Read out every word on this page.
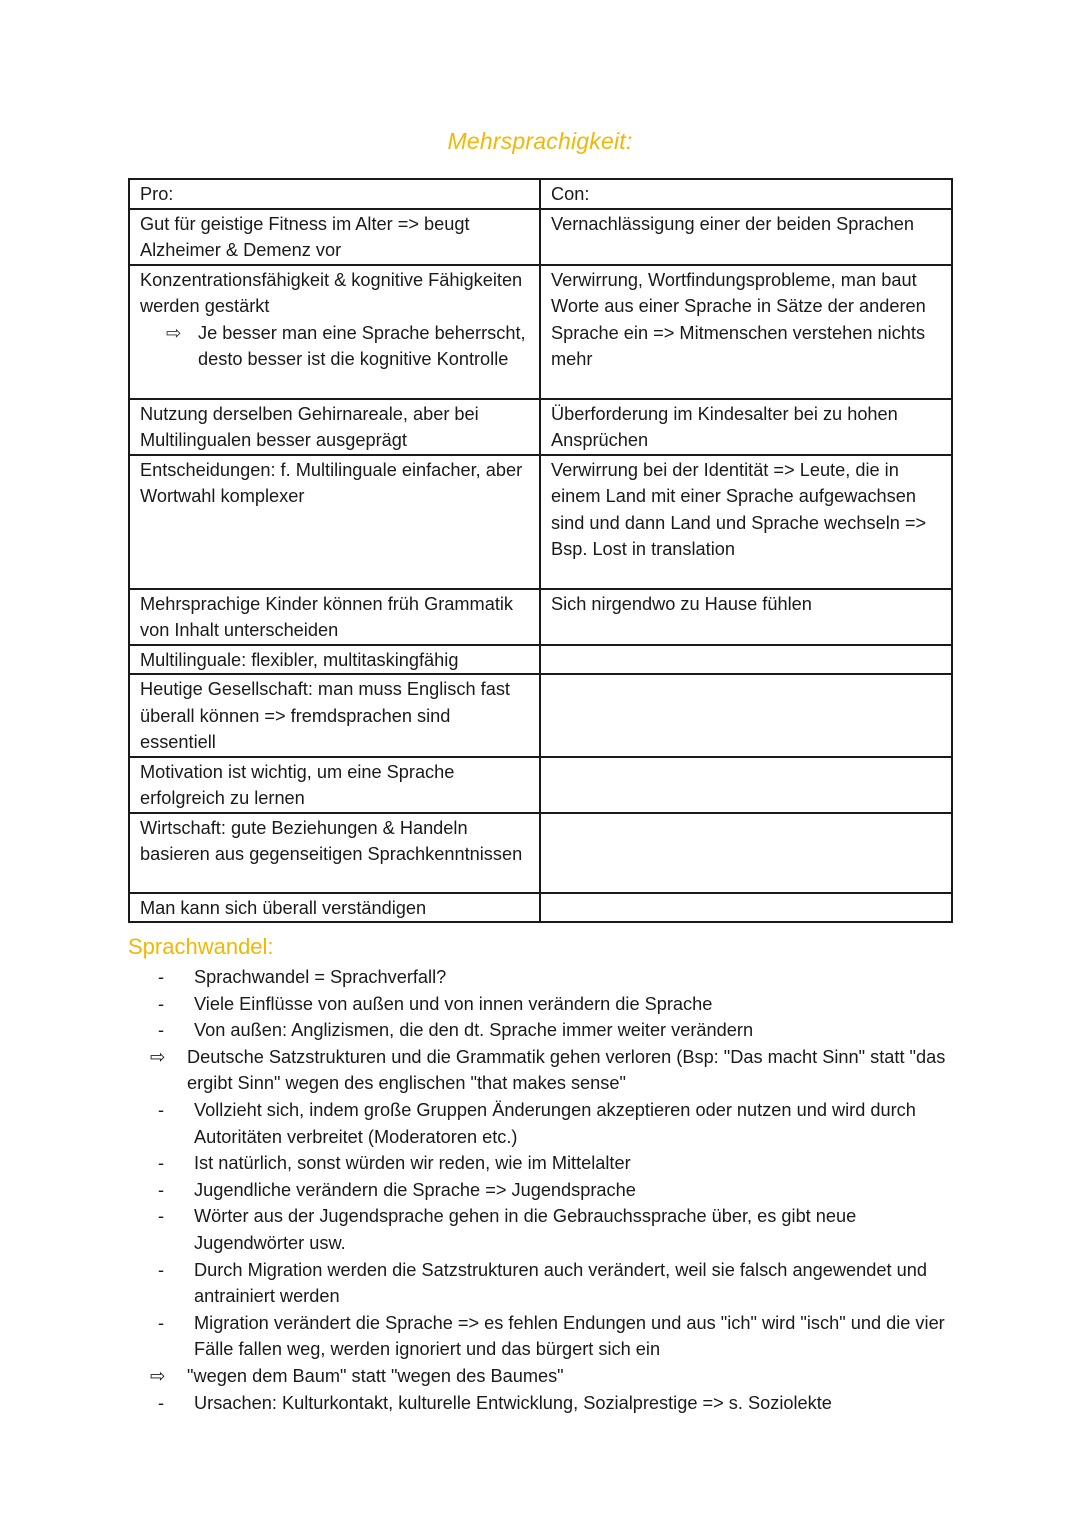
Mehrsprachigkeit:
Pro:	Con:
Gut für geistige Fitness im Alter => beugt Alzheimer & Demenz vor	Vernachlässigung einer der beiden Sprachen

Konzentrationsfähigkeit & kognitive Fähigkeiten werden gestärkt
⇨ Je besser man eine Sprache beherrscht, desto besser ist die kognitive Kontrolle	Verwirrung, Wortfindungsprobleme, man baut Worte aus einer Sprache in Sätze der anderen Sprache ein => Mitmenschen verstehen nichts mehr
Nutzung derselben Gehirnareale, aber bei Multilingualen besser ausgeprägt	Überforderung im Kindesalter bei zu hohen Ansprüchen
Entscheidungen: f. Multilinguale einfacher, aber Wortwahl komplexer	Verwirrung bei der Identität => Leute, die in einem Land mit einer Sprache aufgewachsen sind und dann Land und Sprache wechseln => Bsp. Lost in translation
Mehrsprachige Kinder können früh Grammatik von Inhalt unterscheiden	Sich nirgendwo zu Hause fühlen
Multilinguale: flexibler, multitaskingfähig	
Heutige Gesellschaft: man muss Englisch fast überall können => fremdsprachen sind essentiell	
Motivation ist wichtig, um eine Sprache erfolgreich zu lernen	
Wirtschaft: gute Beziehungen & Handeln basieren aus gegenseitigen Sprachkenntnissen	
Man kann sich überall verständigen	
Sprachwandel:
-	Sprachwandel = Sprachverfall?
-	Viele Einflüsse von außen und von innen verändern die Sprache
-	Von außen: Anglizismen, die den dt. Sprache immer weiter verändern
⇨	Deutsche Satzstrukturen und die Grammatik gehen verloren (Bsp: "Das macht Sinn" statt "das ergibt Sinn" wegen des englischen "that makes sense"
-	Vollzieht sich, indem große Gruppen Änderungen akzeptieren oder nutzen und wird durch Autoritäten verbreitet (Moderatoren etc.)
-	Ist natürlich, sonst würden wir reden, wie im Mittelalter
-	Jugendliche verändern die Sprache => Jugendsprache
-	Wörter aus der Jugendsprache gehen in die Gebrauchssprache über, es gibt neue Jugendwörter usw.
-	Durch Migration werden die Satzstrukturen auch verändert, weil sie falsch angewendet und antrainiert werden
-	Migration verändert die Sprache => es fehlen Endungen und aus "ich" wird "isch" und die vier Fälle fallen weg, werden ignoriert und das bürgert sich ein
⇨	"wegen dem Baum" statt "wegen des Baumes"
-	Ursachen: Kulturkontakt, kulturelle Entwicklung, Sozialprestige => s. Soziolekte
